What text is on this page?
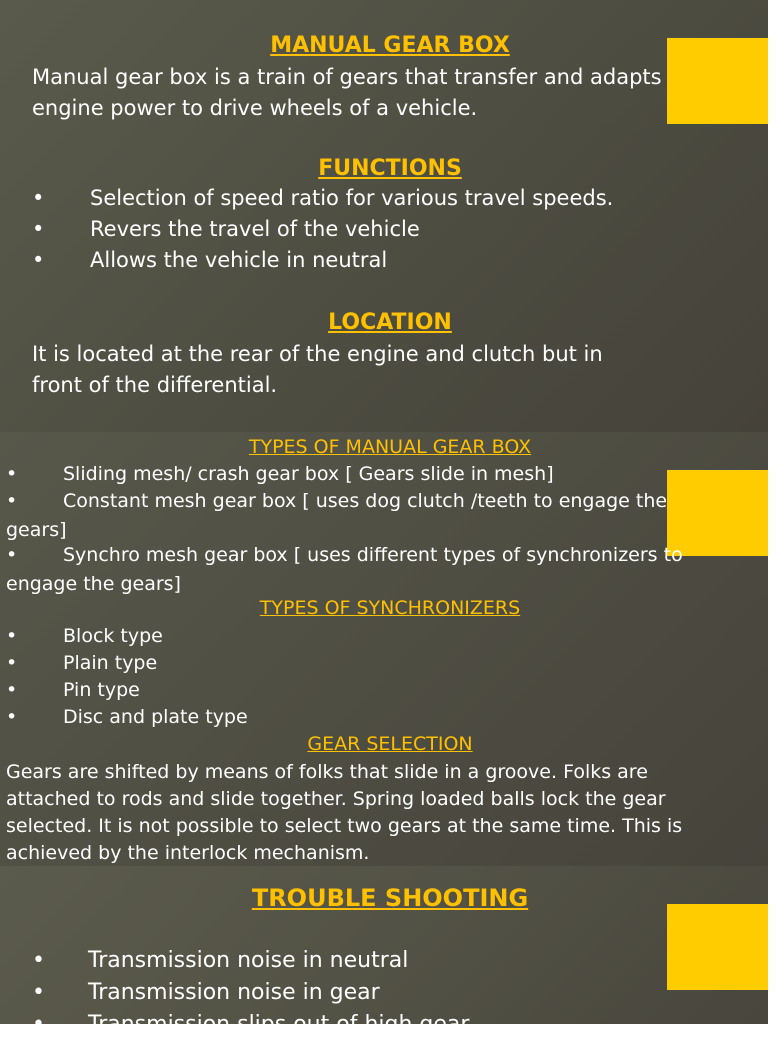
MANUAL GEAR BOX
Manual gear box is a train of gears that transfer and adapts
engine power to drive wheels of a vehicle.
FUNCTIONS
• Selection of speed ratio for various travel speeds.
• Revers the travel of the vehicle
• Allows the vehicle in neutral
LOCATION
It is located at the rear of the engine and clutch but in
front of the differential.
TYPES OF MANUAL GEAR BOX
• Sliding mesh/ crash gear box [ Gears slide in mesh]
• Constant mesh gear box [ uses dog clutch /teeth to engage the
gears]
• Synchro mesh gear box [ uses different types of synchronizers to
engage the gears]
TYPES OF SYNCHRONIZERS
• Block type
• Plain type
• Pin type
• Disc and plate type
GEAR SELECTION
Gears are shifted by means of folks that slide in a groove. Folks are
attached to rods and slide together. Spring loaded balls lock the gear
selected. It is not possible to select two gears at the same time. This is
achieved by the interlock mechanism.
TROUBLE SHOOTING
• Transmission noise in neutral
• Transmission noise in gear
• Transmission slips out of high gear
